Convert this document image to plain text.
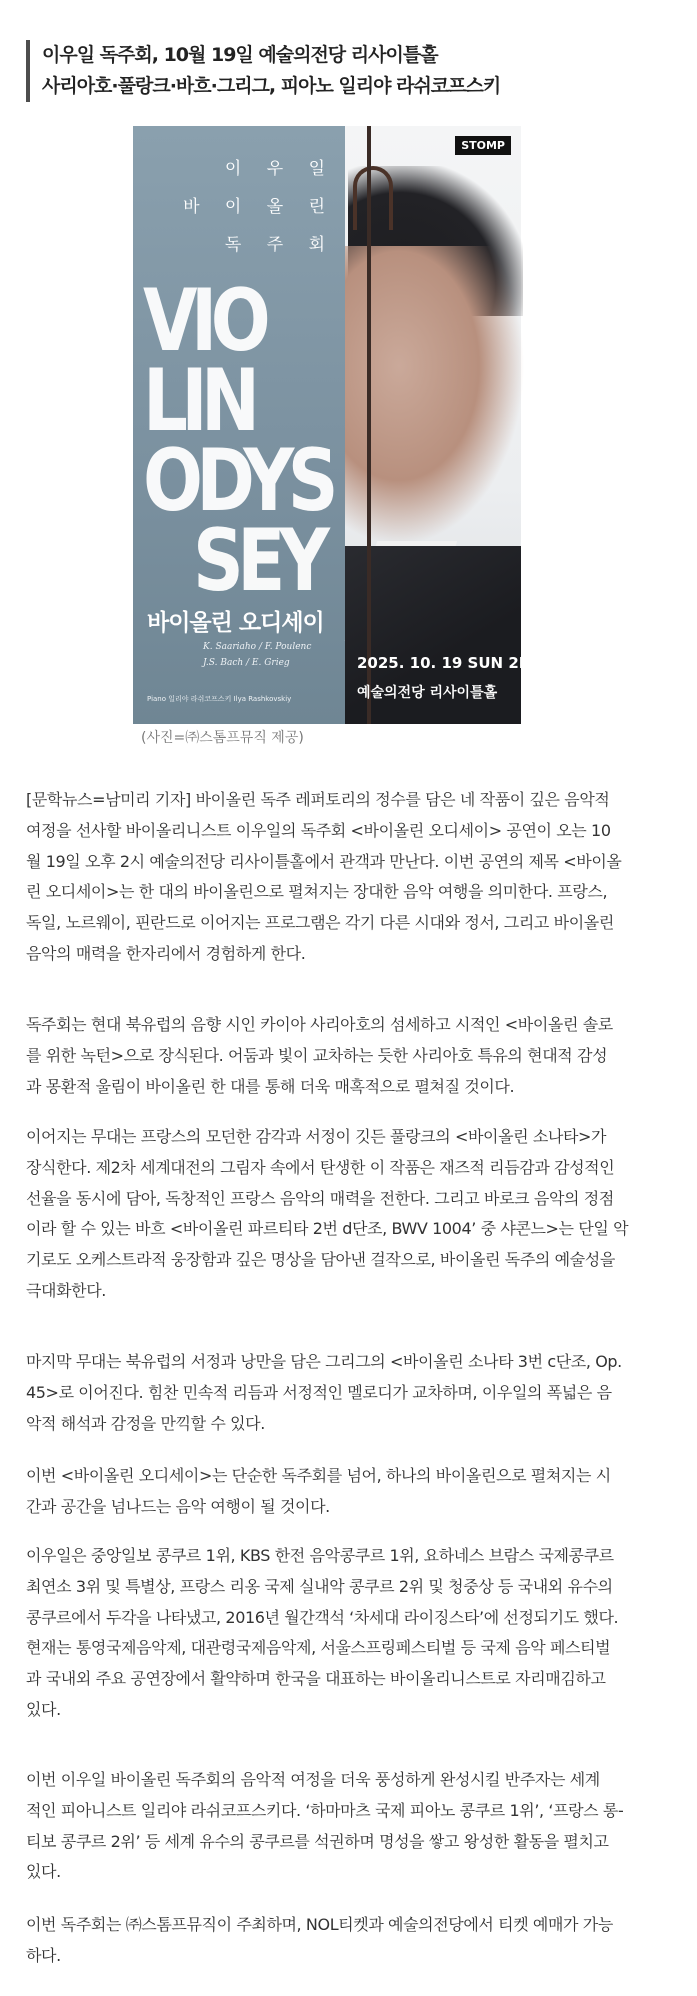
이우일 독주회, 10월 19일 예술의전당 리사이틀홀
사리아호·풀랑크·바흐·그리그, 피아노 일리야 라쉬코프스키
STOMP
이 우 일
바 이 올 린
독 주 회
VIO
LIN
ODYS
SEY
바이올린 오디세이
K. Saariaho / F. Poulenc
J.S. Bach / E. Grieg
Piano 일리야 라쉬코프스키 Ilya Rashkovskiy
2025. 10. 19 SUN 2PM
예술의전당 리사이틀홀
(사진=㈜스톰프뮤직 제공)
[문학뉴스=남미리 기자] 바이올린 독주 레퍼토리의 정수를 담은 네 작품이 깊은 음악적
여정을 선사할 바이올리니스트 이우일의 독주회 <바이올린 오디세이> 공연이 오는 10
월 19일 오후 2시 예술의전당 리사이틀홀에서 관객과 만난다. 이번 공연의 제목 <바이올
린 오디세이>는 한 대의 바이올린으로 펼쳐지는 장대한 음악 여행을 의미한다. 프랑스,
독일, 노르웨이, 핀란드로 이어지는 프로그램은 각기 다른 시대와 정서, 그리고 바이올린
음악의 매력을 한자리에서 경험하게 한다.
독주회는 현대 북유럽의 음향 시인 카이아 사리아호의 섬세하고 시적인 <바이올린 솔로
를 위한 녹턴>으로 장식된다. 어둠과 빛이 교차하는 듯한 사리아호 특유의 현대적 감성
과 몽환적 울림이 바이올린 한 대를 통해 더욱 매혹적으로 펼쳐질 것이다.
이어지는 무대는 프랑스의 모던한 감각과 서정이 깃든 풀랑크의 <바이올린 소나타>가
장식한다. 제2차 세계대전의 그림자 속에서 탄생한 이 작품은 재즈적 리듬감과 감성적인
선율을 동시에 담아, 독창적인 프랑스 음악의 매력을 전한다. 그리고 바로크 음악의 정점
이라 할 수 있는 바흐 <바이올린 파르티타 2번 d단조, BWV 1004’ 중 샤콘느>는 단일 악
기로도 오케스트라적 웅장함과 깊은 명상을 담아낸 걸작으로, 바이올린 독주의 예술성을
극대화한다.
마지막 무대는 북유럽의 서정과 낭만을 담은 그리그의 <바이올린 소나타 3번 c단조, Op.
45>로 이어진다. 힘찬 민속적 리듬과 서정적인 멜로디가 교차하며, 이우일의 폭넓은 음
악적 해석과 감정을 만끽할 수 있다.
이번 <바이올린 오디세이>는 단순한 독주회를 넘어, 하나의 바이올린으로 펼쳐지는 시
간과 공간을 넘나드는 음악 여행이 될 것이다.
이우일은 중앙일보 콩쿠르 1위, KBS 한전 음악콩쿠르 1위, 요하네스 브람스 국제콩쿠르
최연소 3위 및 특별상, 프랑스 리옹 국제 실내악 콩쿠르 2위 및 청중상 등 국내외 유수의
콩쿠르에서 두각을 나타냈고, 2016년 월간객석 ‘차세대 라이징스타’에 선정되기도 했다.
현재는 통영국제음악제, 대관령국제음악제, 서울스프링페스티벌 등 국제 음악 페스티벌
과 국내외 주요 공연장에서 활약하며 한국을 대표하는 바이올리니스트로 자리매김하고
있다.
이번 이우일 바이올린 독주회의 음악적 여정을 더욱 풍성하게 완성시킬 반주자는 세계
적인 피아니스트 일리야 라쉬코프스키다. ‘하마마츠 국제 피아노 콩쿠르 1위’, ‘프랑스 롱-
티보 콩쿠르 2위’ 등 세계 유수의 콩쿠르를 석권하며 명성을 쌓고 왕성한 활동을 펼치고
있다.
이번 독주회는 ㈜스톰프뮤직이 주최하며, NOL티켓과 예술의전당에서 티켓 예매가 가능
하다.
